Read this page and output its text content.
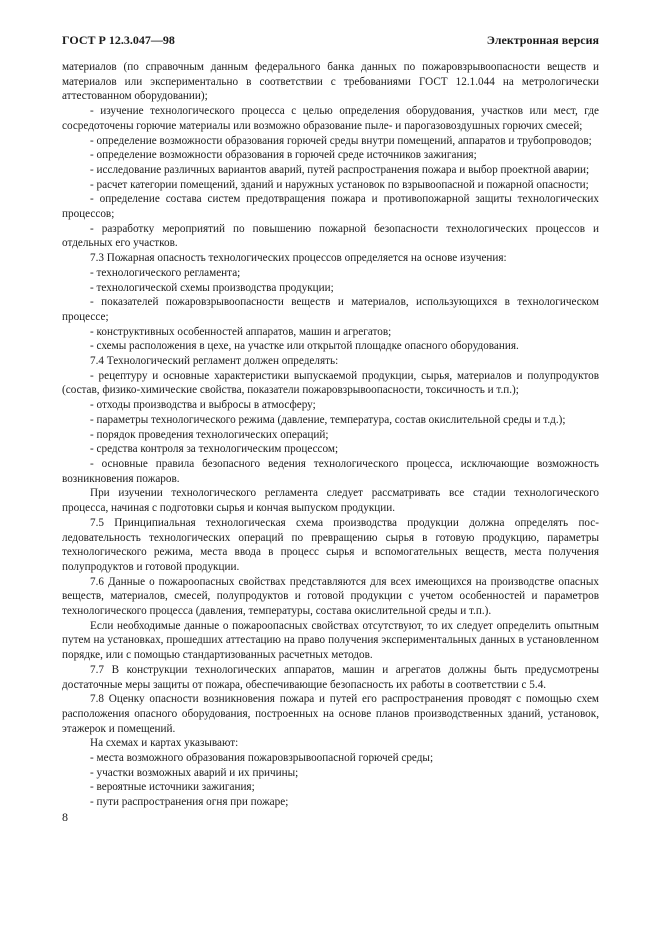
ГОСТ Р 12.3.047—98	Электронная версия

материалов (по справочным данным федерального банка данных по пожаровзрывоопасности веществ и материалов или экспериментально в соответствии с требованиями ГОСТ 12.1.044 на метрологически аттестованном оборудовании);

- изучение технологического процесса с целью определения оборудования, участков или мест, где сосредоточены горючие материалы или возможно образование пыле- и парогазовоздушных горючих смесей;

- определение возможности образования горючей среды внутри помещений, аппаратов и трубопроводов;

- определение возможности образования в горючей среде источников зажигания;

- исследование различных вариантов аварий, путей распространения пожара и выбор проектной аварии;

- расчет категории помещений, зданий и наружных установок по взрывоопасной и пожарной опасности;

- определение состава систем предотвращения пожара и противопожарной защиты технологических процессов;

- разработку мероприятий по повышению пожарной безопасности технологических процессов и отдельных его участков.

7.3 Пожарная опасность технологических процессов определяется на основе изучения:

- технологического регламента;

- технологической схемы производства продукции;

- показателей пожаровзрывоопасности веществ и материалов, использующихся в технологическом процессе;

- конструктивных особенностей аппаратов, машин и агрегатов;

- схемы расположения в цехе, на участке или открытой площадке опасного оборудования.

7.4 Технологический регламент должен определять:

- рецептуру и основные характеристики выпускаемой продукции, сырья, материалов и полупродуктов (состав, физико-химические свойства, показатели пожаровзрывоопасности, токсичность и т.п.);

- отходы производства и выбросы в атмосферу;

- параметры технологического режима (давление, температура, состав окислительной среды и т.д.);

- порядок проведения технологических операций;

- средства контроля за технологическим процессом;

- основные правила безопасного ведения технологического процесса, исключающие возможность возникновения пожаров.

При изучении технологического регламента следует рассматривать все стадии технологического процесса, начиная с подготовки сырья и кончая выпуском продукции.

7.5 Принципиальная технологическая схема производства продукции должна определять последовательность технологических операций по превращению сырья в готовую продукцию, параметры технологического режима, места ввода в процесс сырья и вспомогательных веществ, места получения полупродуктов и готовой продукции.

7.6 Данные о пожароопасных свойствах представляются для всех имеющихся на производстве опасных веществ, материалов, смесей, полупродуктов и готовой продукции с учетом особенностей и параметров технологического процесса (давления, температуры, состава окислительной среды и т.п.).

Если необходимые данные о пожароопасных свойствах отсутствуют, то их следует определить опытным путем на установках, прошедших аттестацию на право получения экспериментальных данных в установленном порядке, или с помощью стандартизованных расчетных методов.

7.7 В конструкции технологических аппаратов, машин и агрегатов должны быть предусмотрены достаточные меры защиты от пожара, обеспечивающие безопасность их работы в соответствии с 5.4.

7.8 Оценку опасности возникновения пожара и путей его распространения проводят с помощью схем расположения опасного оборудования, построенных на основе планов производственных зданий, установок, этажерок и помещений.

На схемах и картах указывают:

- места возможного образования пожаровзрывоопасной горючей среды;

- участки возможных аварий и их причины;

- вероятные источники зажигания;

- пути распространения огня при пожаре;

8
